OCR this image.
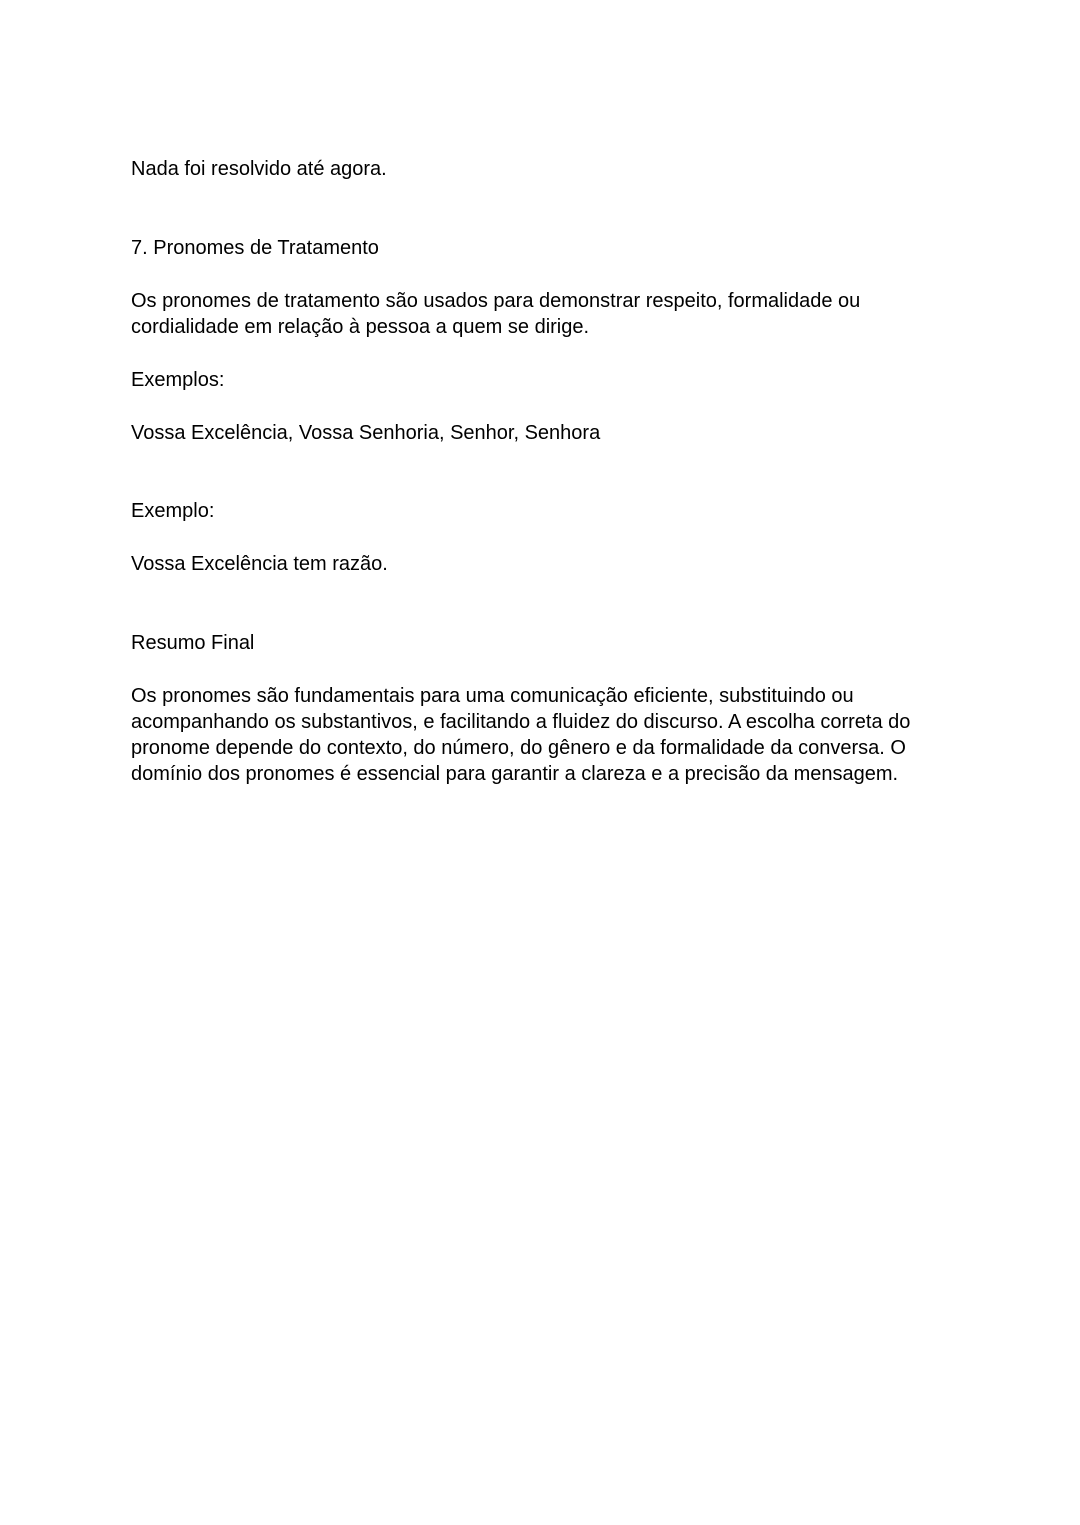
Nada foi resolvido até agora.
7. Pronomes de Tratamento
Os pronomes de tratamento são usados para demonstrar respeito, formalidade ou
cordialidade em relação à pessoa a quem se dirige.
Exemplos:
Vossa Excelência, Vossa Senhoria, Senhor, Senhora
Exemplo:
Vossa Excelência tem razão.
Resumo Final
Os pronomes são fundamentais para uma comunicação eficiente, substituindo ou
acompanhando os substantivos, e facilitando a fluidez do discurso. A escolha correta do
pronome depende do contexto, do número, do gênero e da formalidade da conversa. O
domínio dos pronomes é essencial para garantir a clareza e a precisão da mensagem.
